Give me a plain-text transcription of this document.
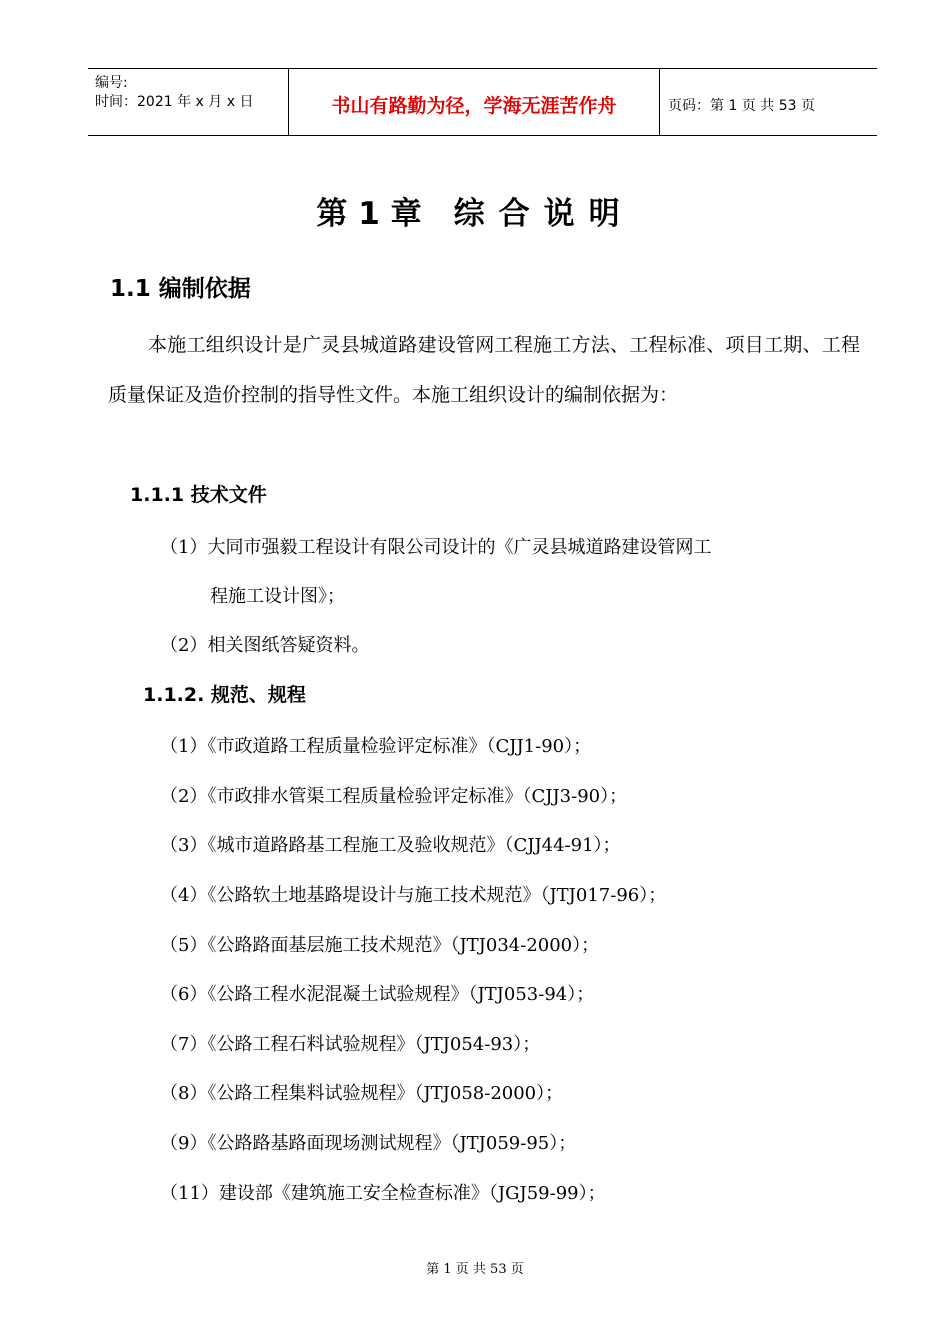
编号:
时间：2021 年 x 月 x 日	书山有路勤为径，学海无涯苦作舟	页码：第 1 页 共 53 页
第 1 章 综合说明
1.1 编制依据
本施工组织设计是广灵县城道路建设管网工程施工方法、工程标准、项目工期、工程质量保证及造价控制的指导性文件。本施工组织设计的编制依据为：
1.1.1 技术文件
（1）大同市强毅工程设计有限公司设计的《广灵县城道路建设管网工
程施工设计图》；
（2）相关图纸答疑资料。
1.1.2. 规范、规程
（1）《市政道路工程质量检验评定标准》（CJJ1-90）；
（2）《市政排水管渠工程质量检验评定标准》（CJJ3-90）；
（3）《城市道路路基工程施工及验收规范》（CJJ44-91）；
（4）《公路软土地基路堤设计与施工技术规范》（JTJ017-96）；
（5）《公路路面基层施工技术规范》（JTJ034-2000）；
（6）《公路工程水泥混凝土试验规程》（JTJ053-94）；
（7）《公路工程石料试验规程》（JTJ054-93）；
（8）《公路工程集料试验规程》（JTJ058-2000）；
（9）《公路路基路面现场测试规程》（JTJ059-95）；
（11）建设部《建筑施工安全检查标准》（JGJ59-99）；
第 1 页 共 53 页
